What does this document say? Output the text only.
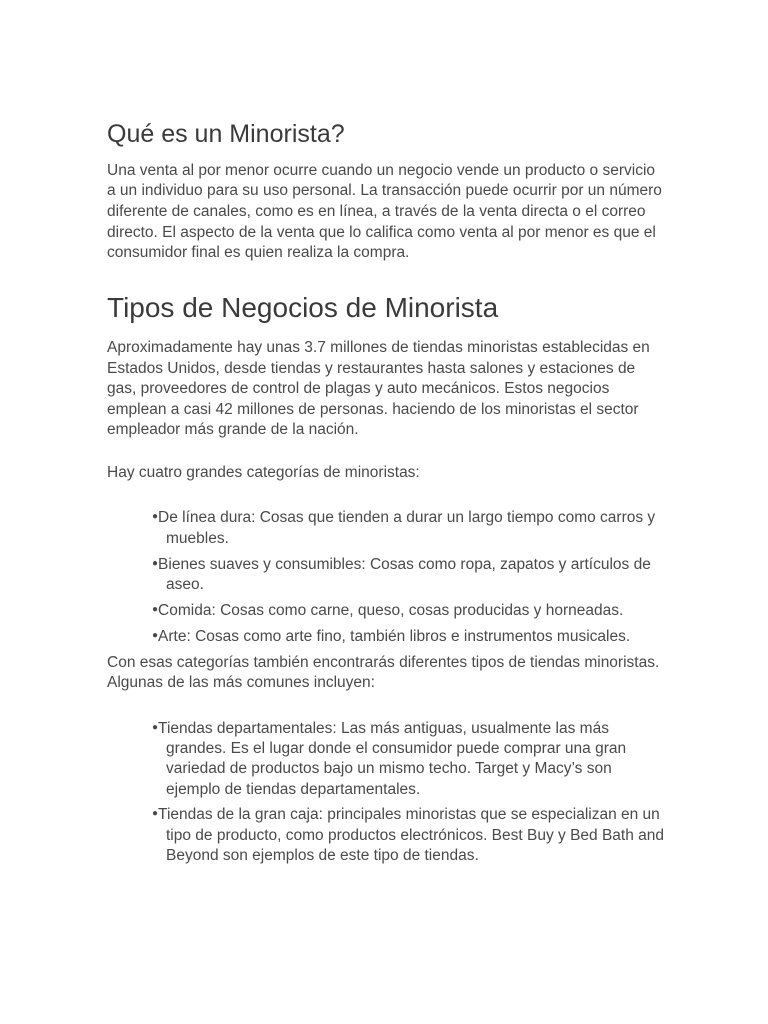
Qué es un Minorista?

Una venta al por menor ocurre cuando un negocio vende un producto o servicio a un individuo para su uso personal. La transacción puede ocurrir por un número diferente de canales, como es en línea, a través de la venta directa o el correo directo. El aspecto de la venta que lo califica como venta al por menor es que el consumidor final es quien realiza la compra.

Tipos de Negocios de Minorista

Aproximadamente hay unas 3.7 millones de tiendas minoristas establecidas en Estados Unidos, desde tiendas y restaurantes hasta salones y estaciones de gas, proveedores de control de plagas y auto mecánicos. Estos negocios emplean a casi 42 millones de personas. haciendo de los minoristas el sector empleador más grande de la nación.

Hay cuatro grandes categorías de minoristas:

●De línea dura: Cosas que tienden a durar un largo tiempo como carros y muebles.
●Bienes suaves y consumibles: Cosas como ropa, zapatos y artículos de aseo.
●Comida: Cosas como carne, queso, cosas producidas y horneadas.
●Arte: Cosas como arte fino, también libros e instrumentos musicales.

Con esas categorías también encontrarás diferentes tipos de tiendas minoristas. Algunas de las más comunes incluyen:

●Tiendas departamentales: Las más antiguas, usualmente las más grandes. Es el lugar donde el consumidor puede comprar una gran variedad de productos bajo un mismo techo. Target y Macy’s son ejemplo de tiendas departamentales.
●Tiendas de la gran caja: principales minoristas que se especializan en un tipo de producto, como productos electrónicos. Best Buy y Bed Bath and Beyond son ejemplos de este tipo de tiendas.
